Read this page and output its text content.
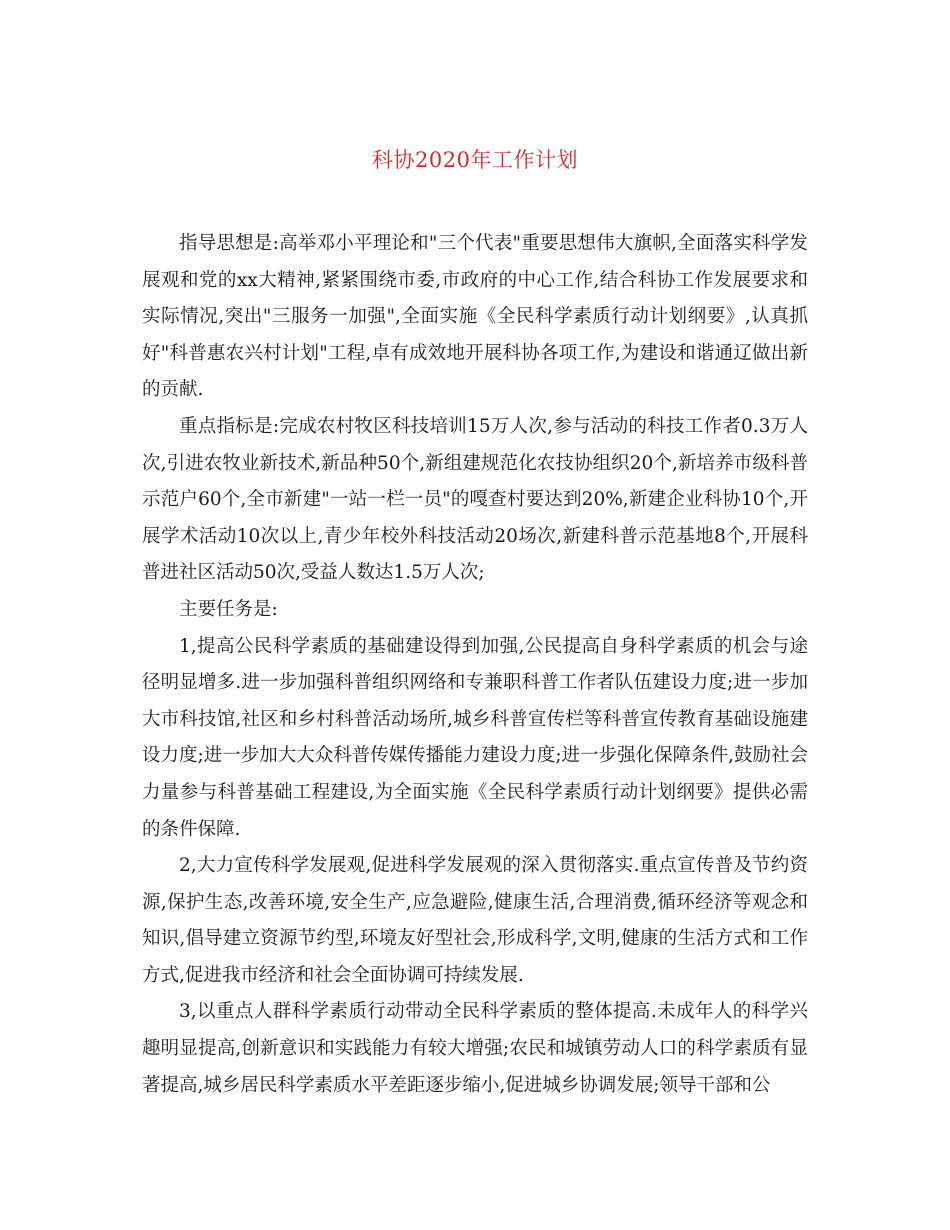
科协2020年工作计划

指导思想是:高举邓小平理论和"三个代表"重要思想伟大旗帜,全面落实科学发展观和党的xx大精神,紧紧围绕市委,市政府的中心工作,结合科协工作发展要求和实际情况,突出"三服务一加强",全面实施《全民科学素质行动计划纲要》,认真抓好"科普惠农兴村计划"工程,卓有成效地开展科协各项工作,为建设和谐通辽做出新的贡献.

重点指标是:完成农村牧区科技培训15万人次,参与活动的科技工作者0.3万人次,引进农牧业新技术,新品种50个,新组建规范化农技协组织20个,新培养市级科普示范户60个,全市新建"一站一栏一员"的嘎查村要达到20%,新建企业科协10个,开展学术活动10次以上,青少年校外科技活动20场次,新建科普示范基地8个,开展科普进社区活动50次,受益人数达1.5万人次;

主要任务是:

1,提高公民科学素质的基础建设得到加强,公民提高自身科学素质的机会与途径明显增多.进一步加强科普组织网络和专兼职科普工作者队伍建设力度;进一步加大市科技馆,社区和乡村科普活动场所,城乡科普宣传栏等科普宣传教育基础设施建设力度;进一步加大大众科普传媒传播能力建设力度;进一步强化保障条件,鼓励社会力量参与科普基础工程建设,为全面实施《全民科学素质行动计划纲要》提供必需的条件保障.

2,大力宣传科学发展观,促进科学发展观的深入贯彻落实.重点宣传普及节约资源,保护生态,改善环境,安全生产,应急避险,健康生活,合理消费,循环经济等观念和知识,倡导建立资源节约型,环境友好型社会,形成科学,文明,健康的生活方式和工作方式,促进我市经济和社会全面协调可持续发展.

3,以重点人群科学素质行动带动全民科学素质的整体提高.未成年人的科学兴趣明显提高,创新意识和实践能力有较大增强;农民和城镇劳动人口的科学素质有显著提高,城乡居民科学素质水平差距逐步缩小,促进城乡协调发展;领导干部和公
